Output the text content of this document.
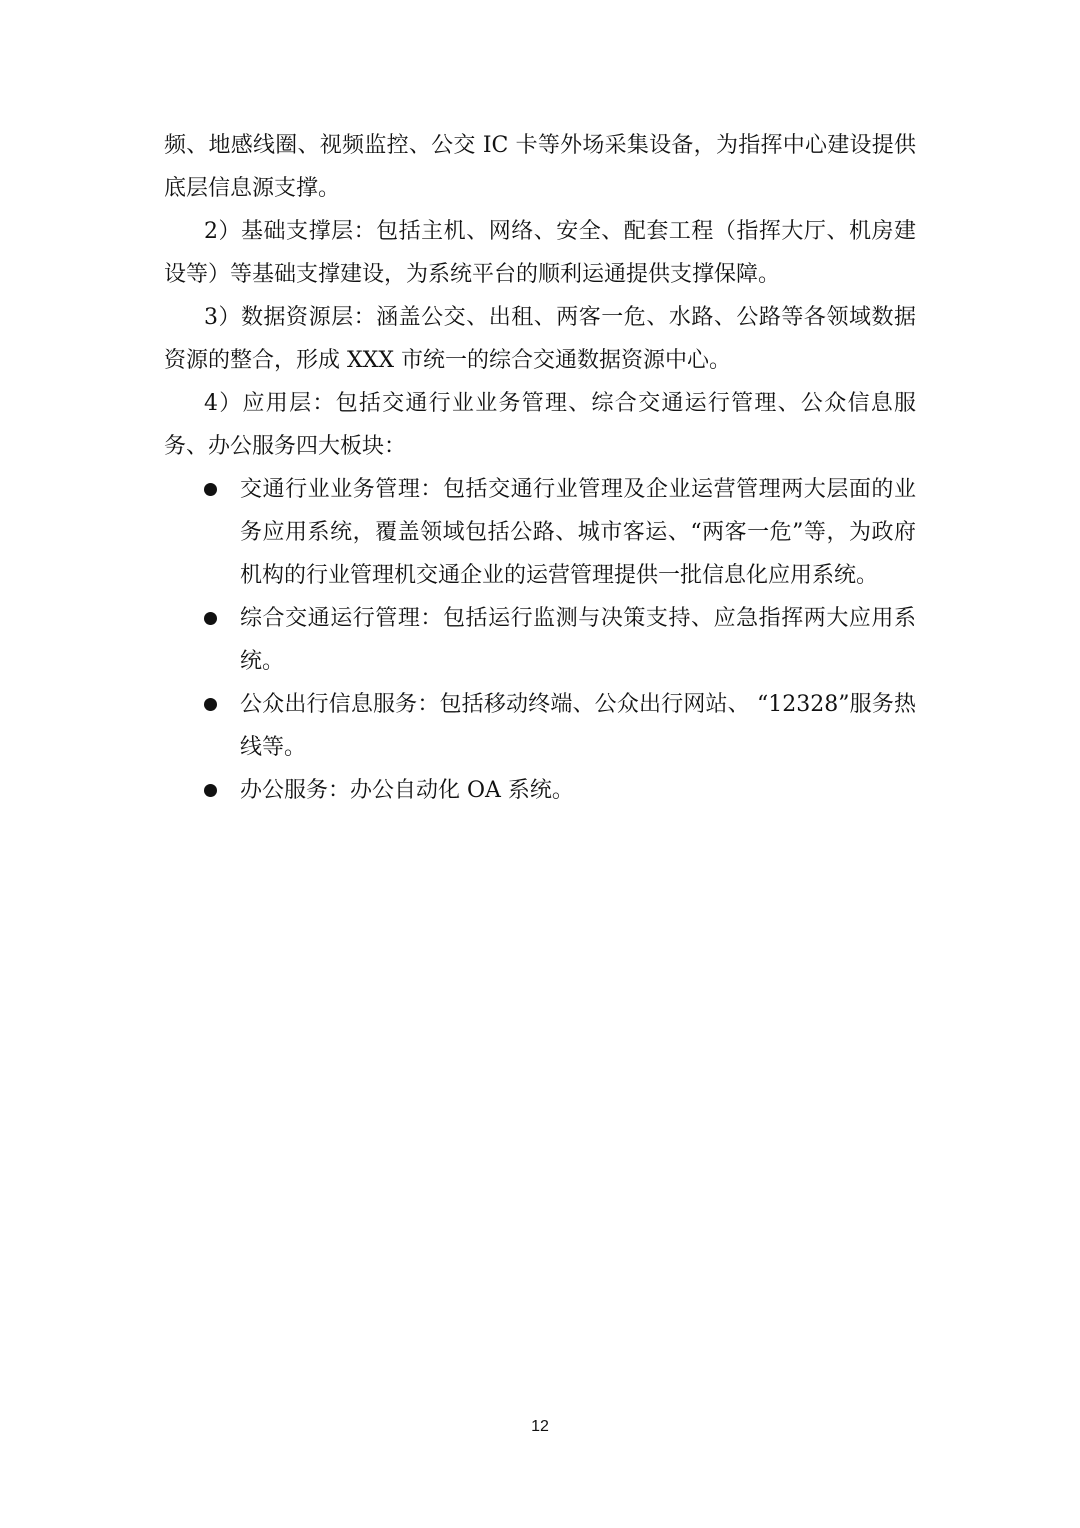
频、地感线圈、视频监控、公交 IC 卡等外场采集设备，为指挥中心建设提供底层信息源支撑。

2）基础支撑层：包括主机、网络、安全、配套工程（指挥大厅、机房建设等）等基础支撑建设，为系统平台的顺利运通提供支撑保障。

3）数据资源层：涵盖公交、出租、两客一危、水路、公路等各领域数据资源的整合，形成 XXX 市统一的综合交通数据资源中心。

4）应用层：包括交通行业业务管理、综合交通运行管理、公众信息服务、办公服务四大板块：

交通行业业务管理：包括交通行业管理及企业运营管理两大层面的业务应用系统，覆盖领域包括公路、城市客运、“两客一危”等，为政府机构的行业管理机交通企业的运营管理提供一批信息化应用系统。
综合交通运行管理：包括运行监测与决策支持、应急指挥两大应用系统。
公众出行信息服务：包括移动终端、公众出行网站、 “12328”服务热线等。
办公服务：办公自动化 OA 系统。
12
